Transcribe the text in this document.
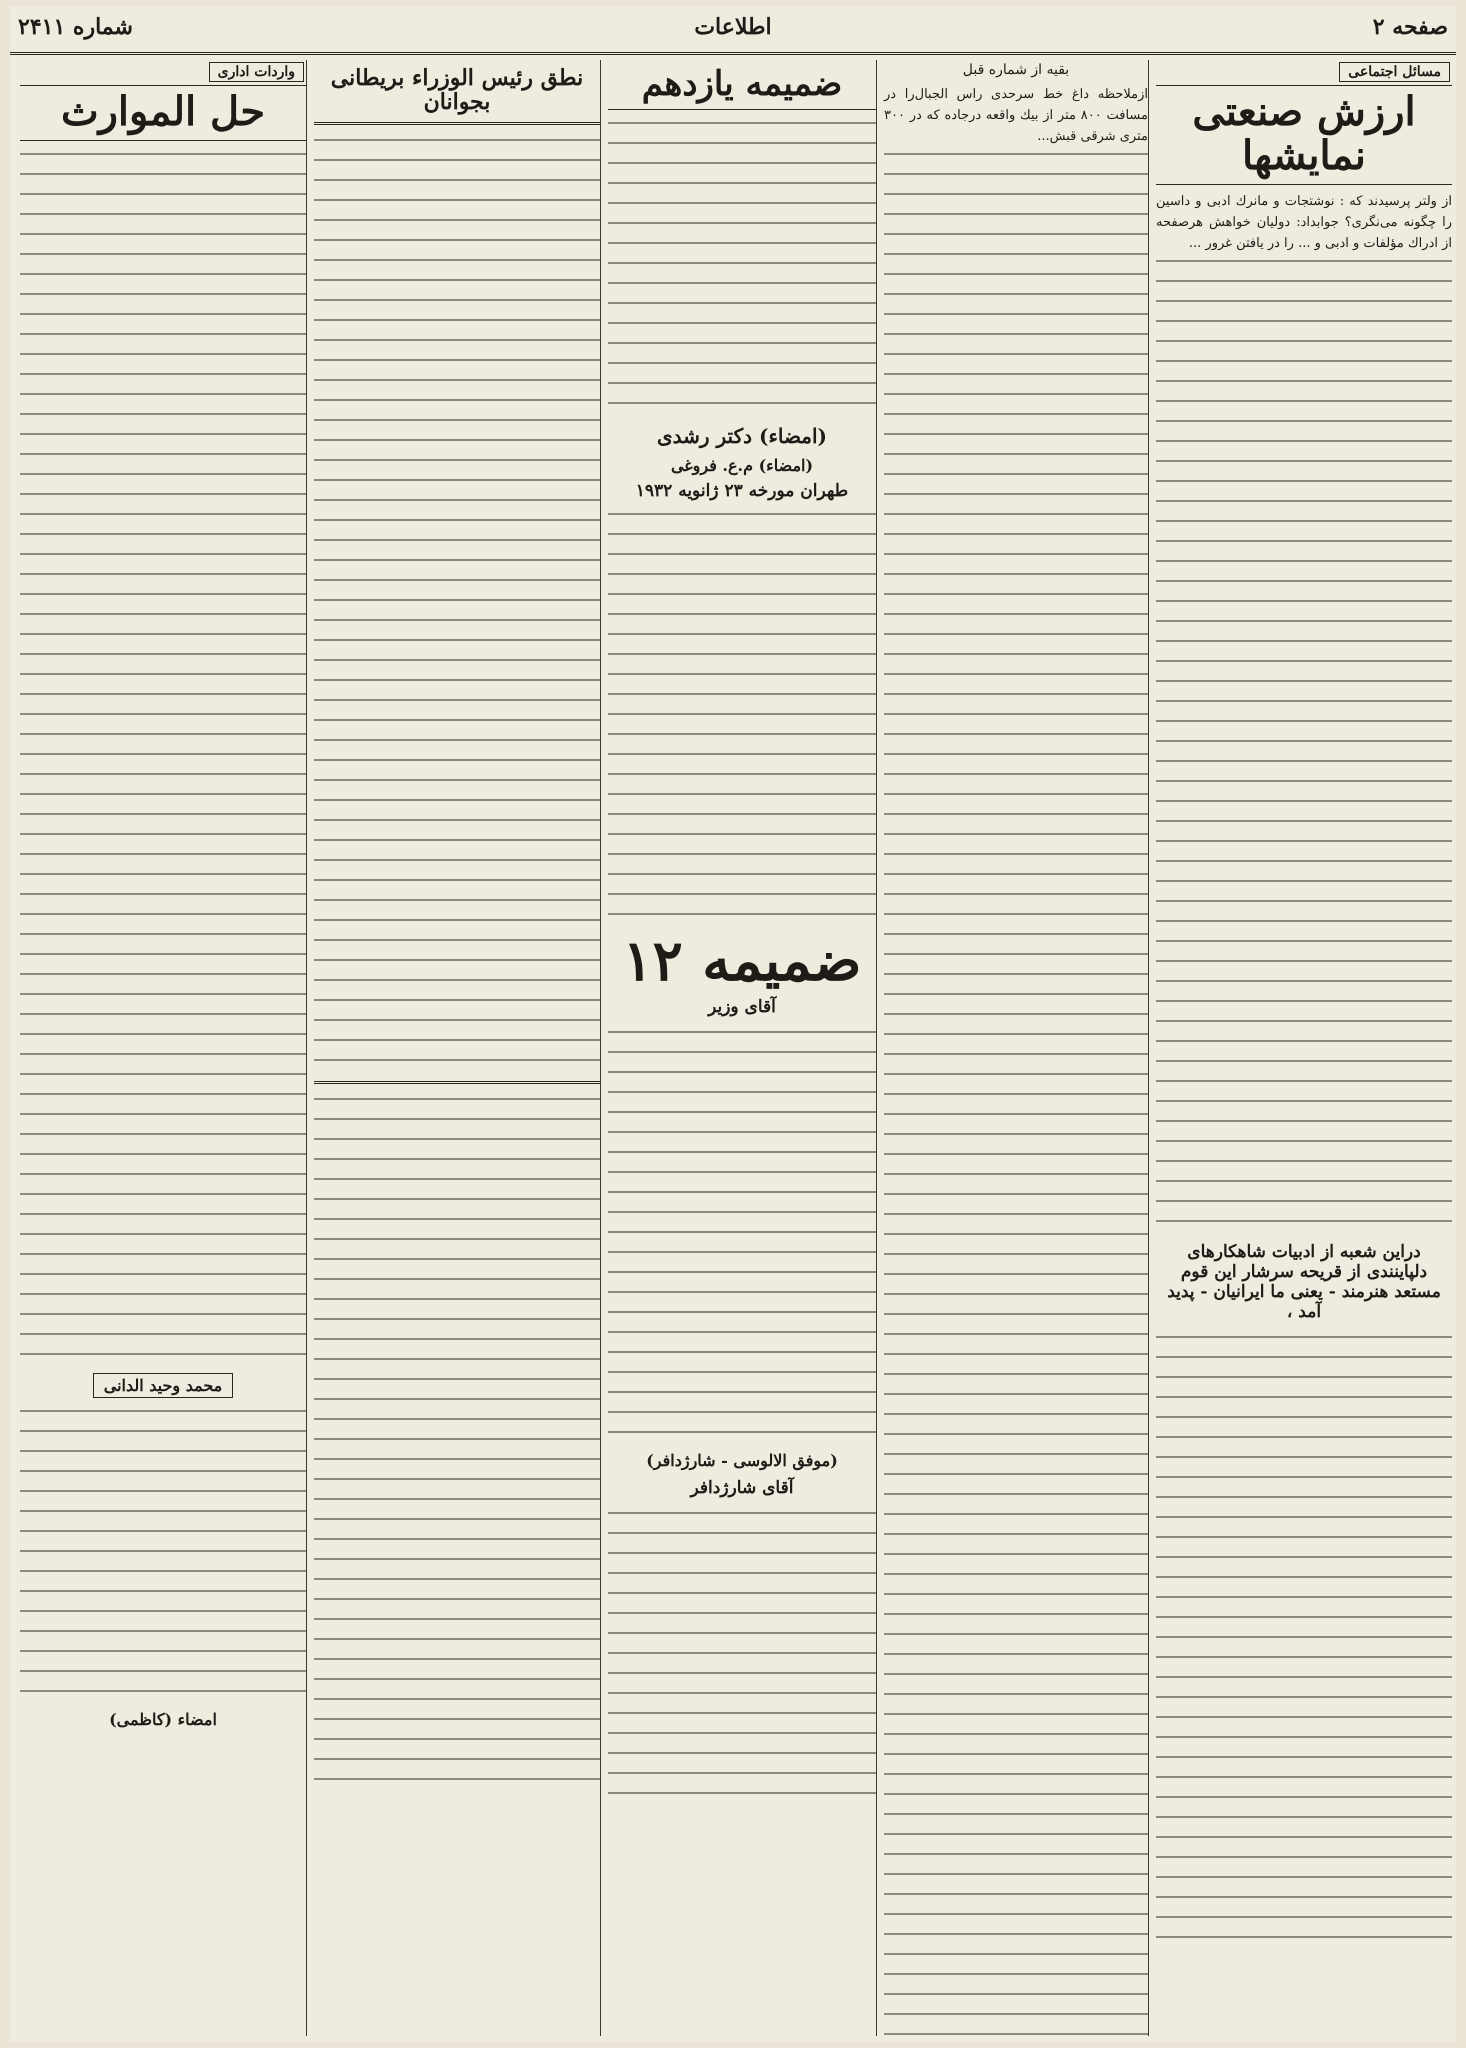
صفحه ۲
اطلاعات
شماره ۲۴۱۱
مسائل اجتماعی
ارزش صنعتی نمایشها
از ولتر پرسیدند که : نوشتجات و مانرك ادبی و داسین را چگونه می‌نگری؟ جوابداد: دولیان خواهش هرصفحه از ادراك مؤلفات و ادبی و ... را در یافتن غرور ...
دراین شعبه از ادبیات شاهکارهای دلپاینندی از قریحه سرشار این قوم مستعد هنرمند - یعنی ما ایرانیان - پدید آمد ،
بقیه از شماره قبل
ازملاحظه داغ خط سرحدی راس الجبال‌را در مسافت ۸۰۰ متر از بیك واقعه درجاده كه در ۳۰۰ متری شرقی قبش...
ضمیمه یازدهم
(امضاء) دکتر رشدی
(امضاء) م.ع. فروغی
طهران مورخه ۲۳ ژانویه ۱۹۳۲
ضمیمه ۱۲
آقای وزیر
(موفق الالوسی - شارژدافر)
آقای شارژدافر
نطق رئیس الوزراء بریطانی بجوانان
واردات اداری
حل الموارث
محمد وحید الدانی
امضاء (کاظمی)
